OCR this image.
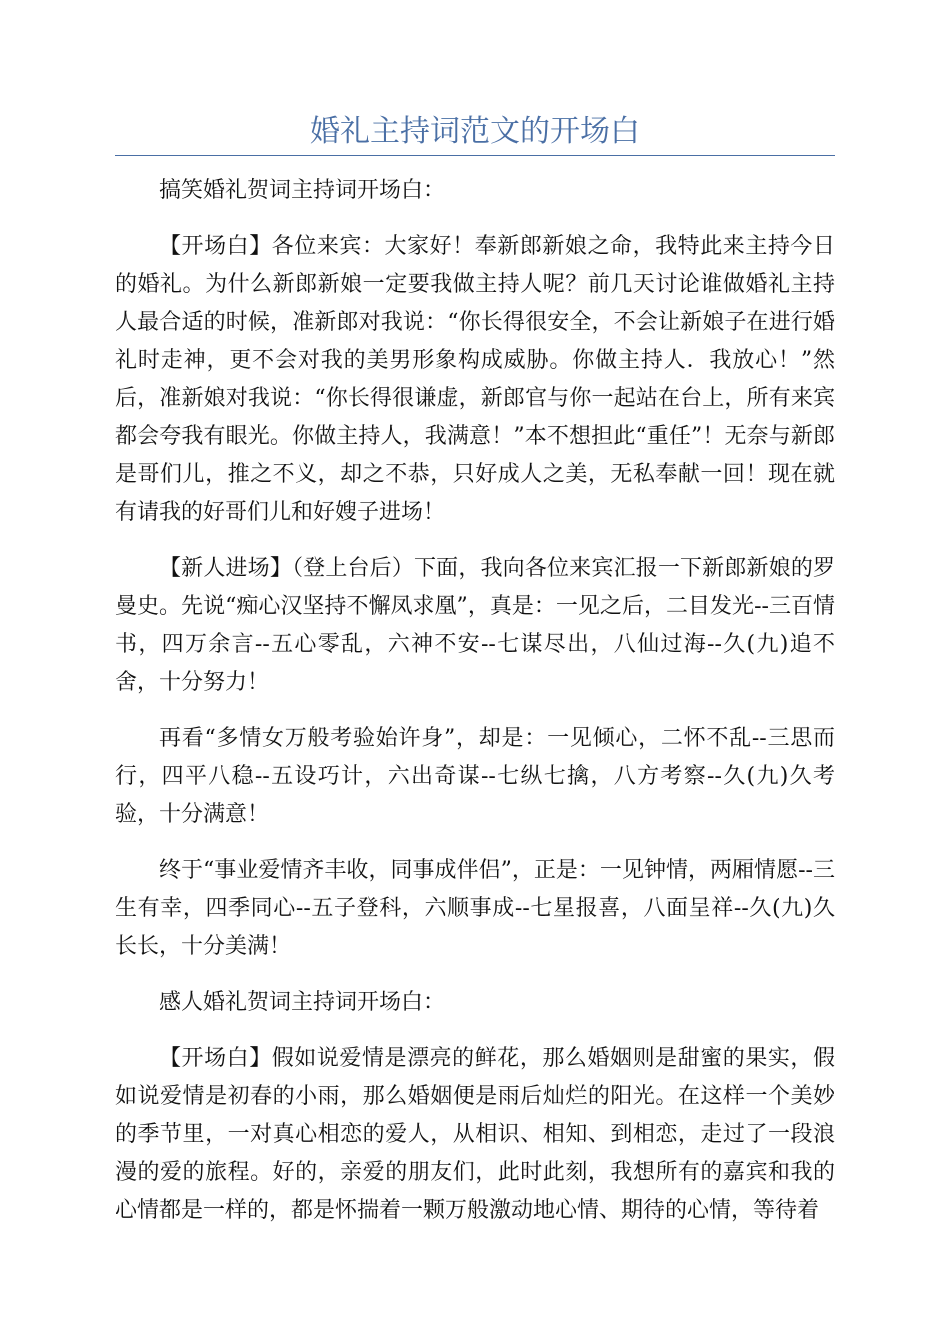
婚礼主持词范文的开场白

搞笑婚礼贺词主持词开场白：

【开场白】各位来宾：大家好！奉新郎新娘之命，我特此来主持今日的婚礼。为什么新郎新娘一定要我做主持人呢？前几天讨论谁做婚礼主持人最合适的时候，准新郎对我说：“你长得很安全，不会让新娘子在进行婚礼时走神，更不会对我的美男形象构成威胁。你做主持人．我放心！”然后，准新娘对我说：“你长得很谦虚，新郎官与你一起站在台上，所有来宾都会夸我有眼光。你做主持人，我满意！”本不想担此“重任”！无奈与新郎是哥们儿，推之不义，却之不恭，只好成人之美，无私奉献一回！现在就有请我的好哥们儿和好嫂子进场！

【新人进场】（登上台后）下面，我向各位来宾汇报一下新郎新娘的罗曼史。先说“痴心汉坚持不懈凤求凰”，真是：一见之后，二目发光--三百情书，四万余言--五心零乱，六神不安--七谋尽出，八仙过海--久(九)追不舍，十分努力！

再看“多情女万般考验始许身”，却是：一见倾心，二怀不乱--三思而行，四平八稳--五设巧计，六出奇谋--七纵七擒，八方考察--久(九)久考验，十分满意！

终于“事业爱情齐丰收，同事成伴侣”，正是：一见钟情，两厢情愿--三生有幸，四季同心--五子登科，六顺事成--七星报喜，八面呈祥--久(九)久长长，十分美满！

感人婚礼贺词主持词开场白：

【开场白】假如说爱情是漂亮的鲜花，那么婚姻则是甜蜜的果实，假如说爱情是初春的小雨，那么婚姻便是雨后灿烂的阳光。在这样一个美妙的季节里，一对真心相恋的爱人，从相识、相知、到相恋，走过了一段浪漫的爱的旅程。好的，亲爱的朋友们，此时此刻，我想所有的嘉宾和我的心情都是一样的，都是怀揣着一颗万般激动地心情、期待的心情，等待着
